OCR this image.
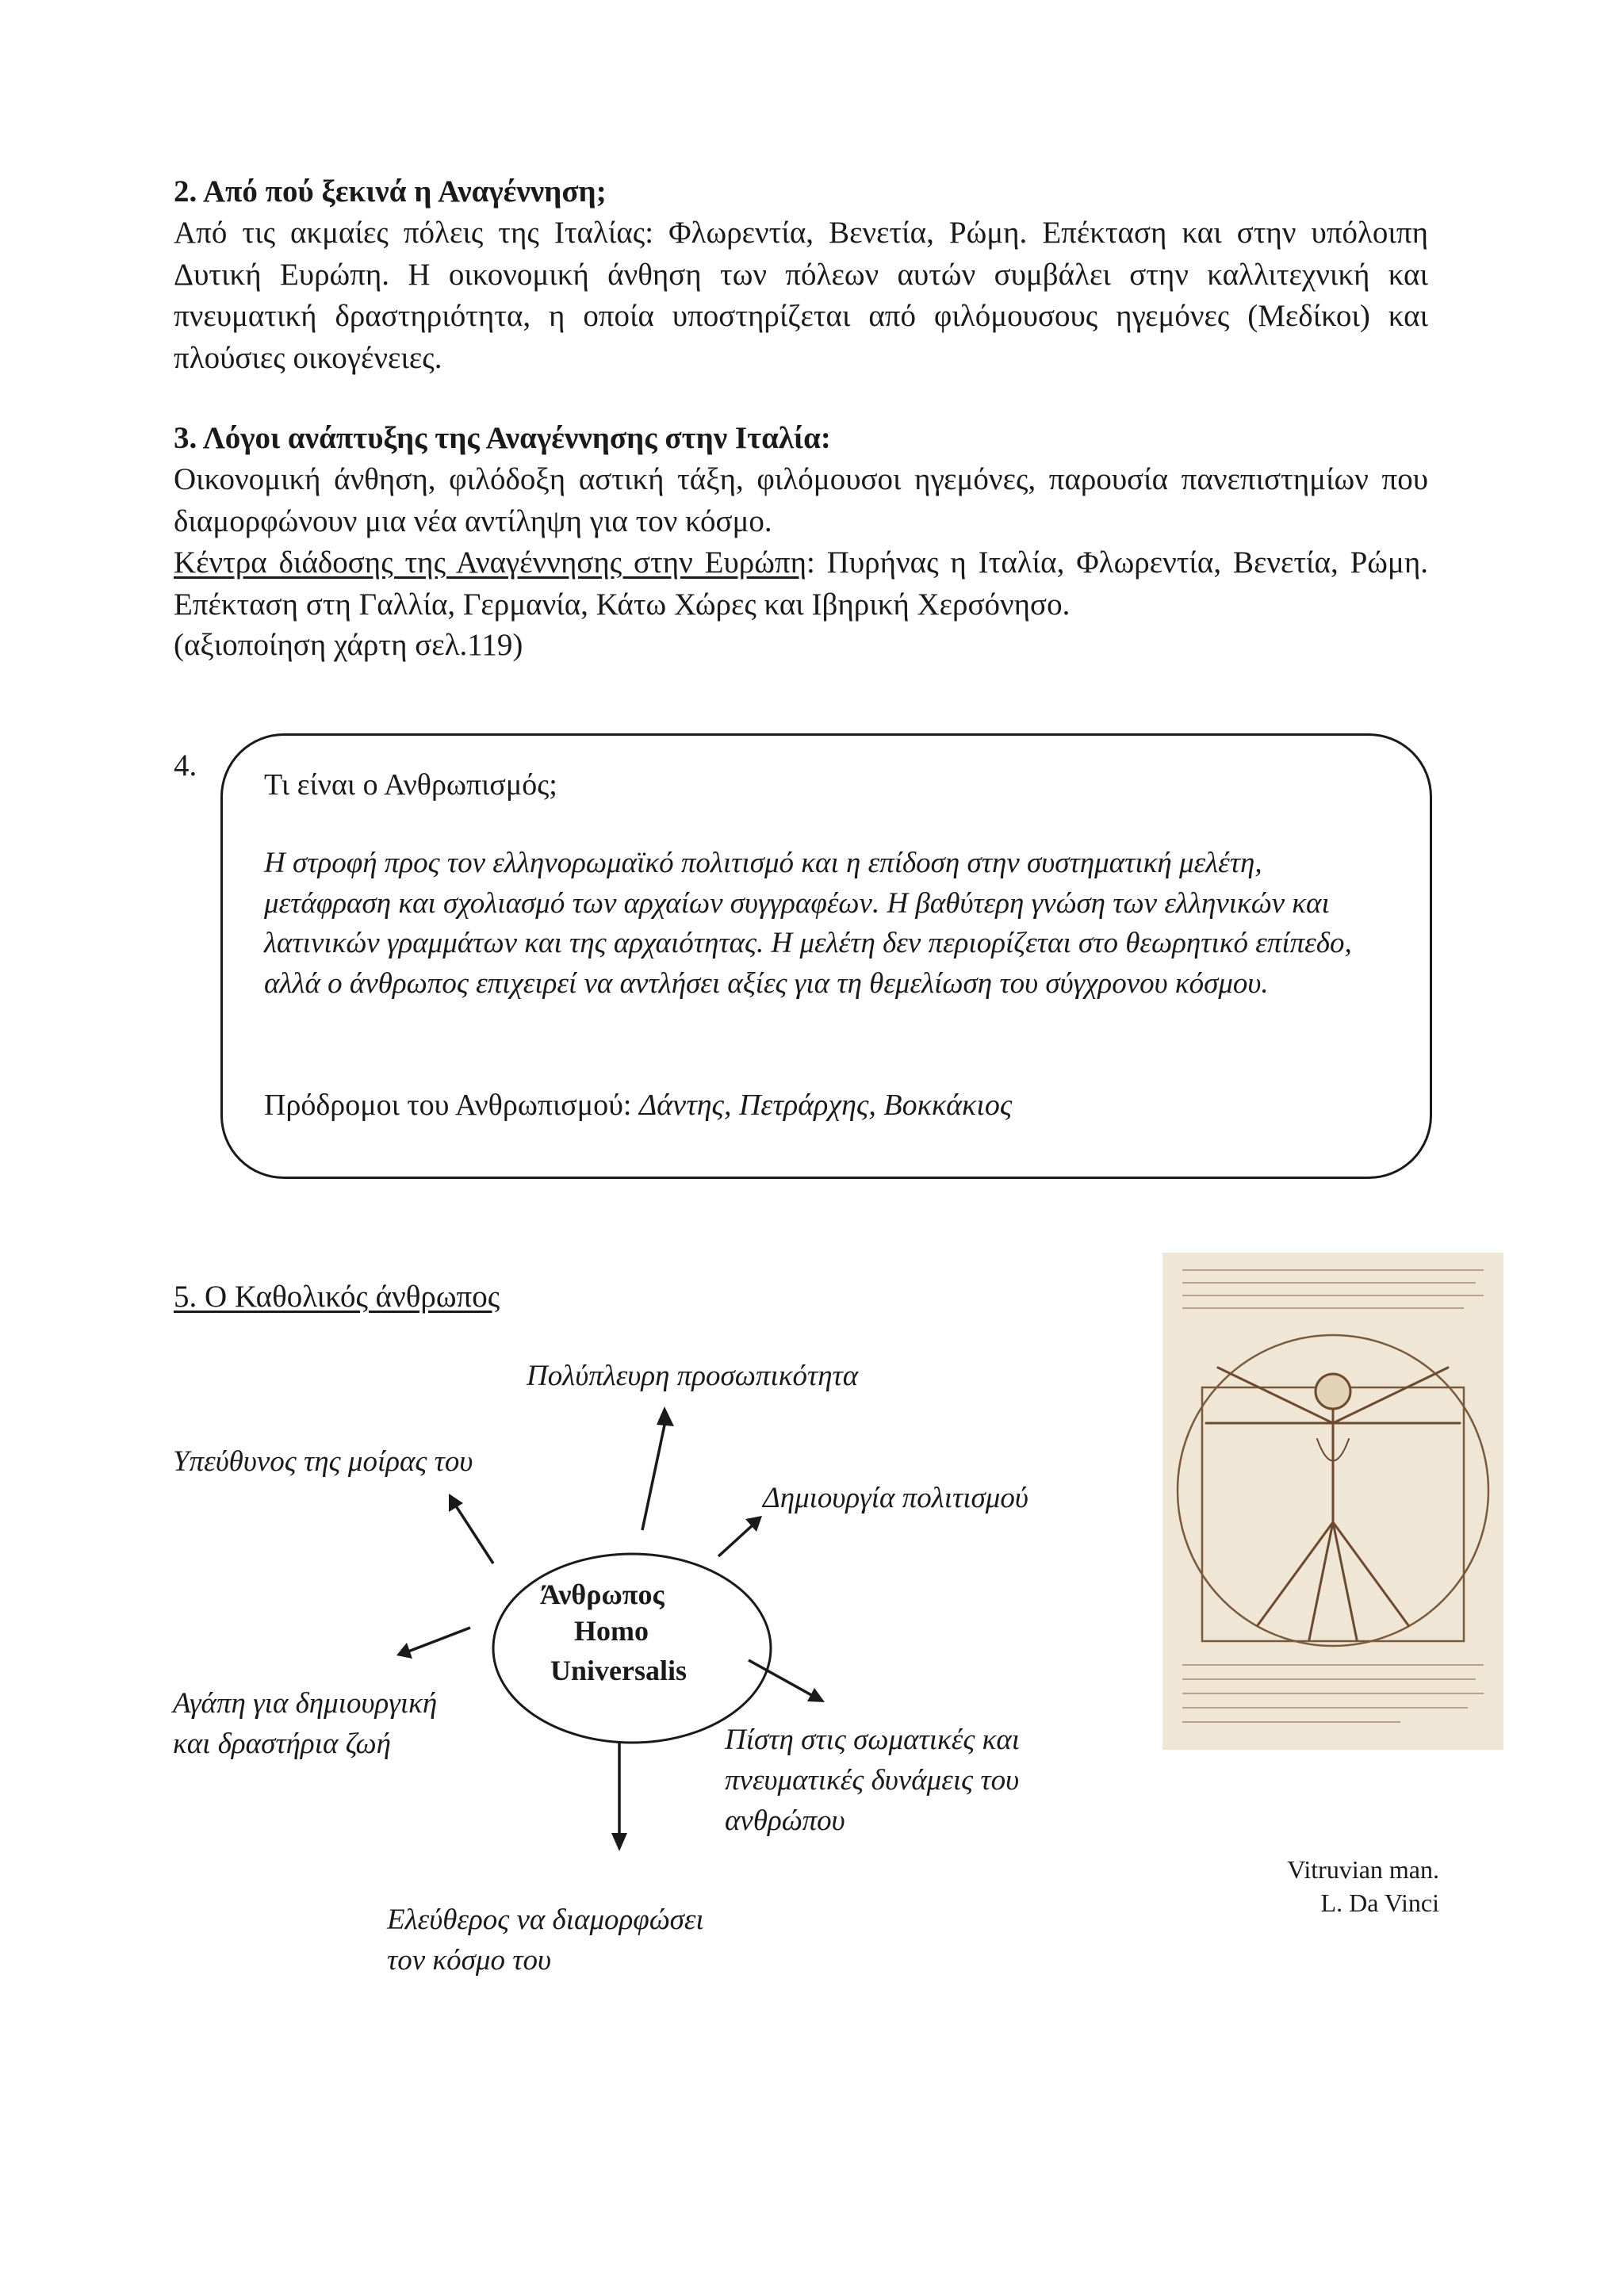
2. Από πού ξεκινά η Αναγέννηση;
Από τις ακμαίες πόλεις της Ιταλίας: Φλωρεντία, Βενετία, Ρώμη. Επέκταση και στην υπόλοιπη Δυτική Ευρώπη. Η οικονομική άνθηση των πόλεων αυτών συμβάλει στην καλλιτεχνική και πνευματική δραστηριότητα, η οποία υποστηρίζεται από φιλόμουσους ηγεμόνες (Μεδίκοι) και πλούσιες οικογένειες.
3. Λόγοι ανάπτυξης της Αναγέννησης στην Ιταλία:
Οικονομική άνθηση, φιλόδοξη αστική τάξη, φιλόμουσοι ηγεμόνες, παρουσία πανεπιστημίων που διαμορφώνουν μια νέα αντίληψη για τον κόσμο.
Κέντρα διάδοσης της Αναγέννησης στην Ευρώπη: Πυρήνας η Ιταλία, Φλωρεντία, Βενετία, Ρώμη. Επέκταση στη Γαλλία, Γερμανία, Κάτω Χώρες και Ιβηρική Χερσόνησο.
(αξιοποίηση χάρτη σελ.119)
4.
Τι είναι ο Ανθρωπισμός;
Η στροφή προς τον ελληνορωμαϊκό πολιτισμό και η επίδοση στην συστηματική μελέτη, μετάφραση και σχολιασμό των αρχαίων συγγραφέων. Η βαθύτερη γνώση των ελληνικών και λατινικών γραμμάτων και της αρχαιότητας. Η μελέτη δεν περιορίζεται στο θεωρητικό επίπεδο, αλλά ο άνθρωπος επιχειρεί να αντλήσει αξίες για τη θεμελίωση του σύγχρονου κόσμου.
Πρόδρομοι του Ανθρωπισμού: Δάντης, Πετράρχης, Βοκκάκιος
5. Ο Καθολικός άνθρωπος
Άνθρωπος
Homo
Universalis
Πολύπλευρη προσωπικότητα
Υπεύθυνος της μοίρας του
Δημιουργία πολιτισμού
Αγάπη για δημιουργική
και δραστήρια ζωή	Πίστη στις σωματικές και
πνευματικές δυνάμεις του
ανθρώπου
Ελεύθερος να διαμορφώσει
τον κόσμο του
Vitruvian man.
L. Da Vinci
